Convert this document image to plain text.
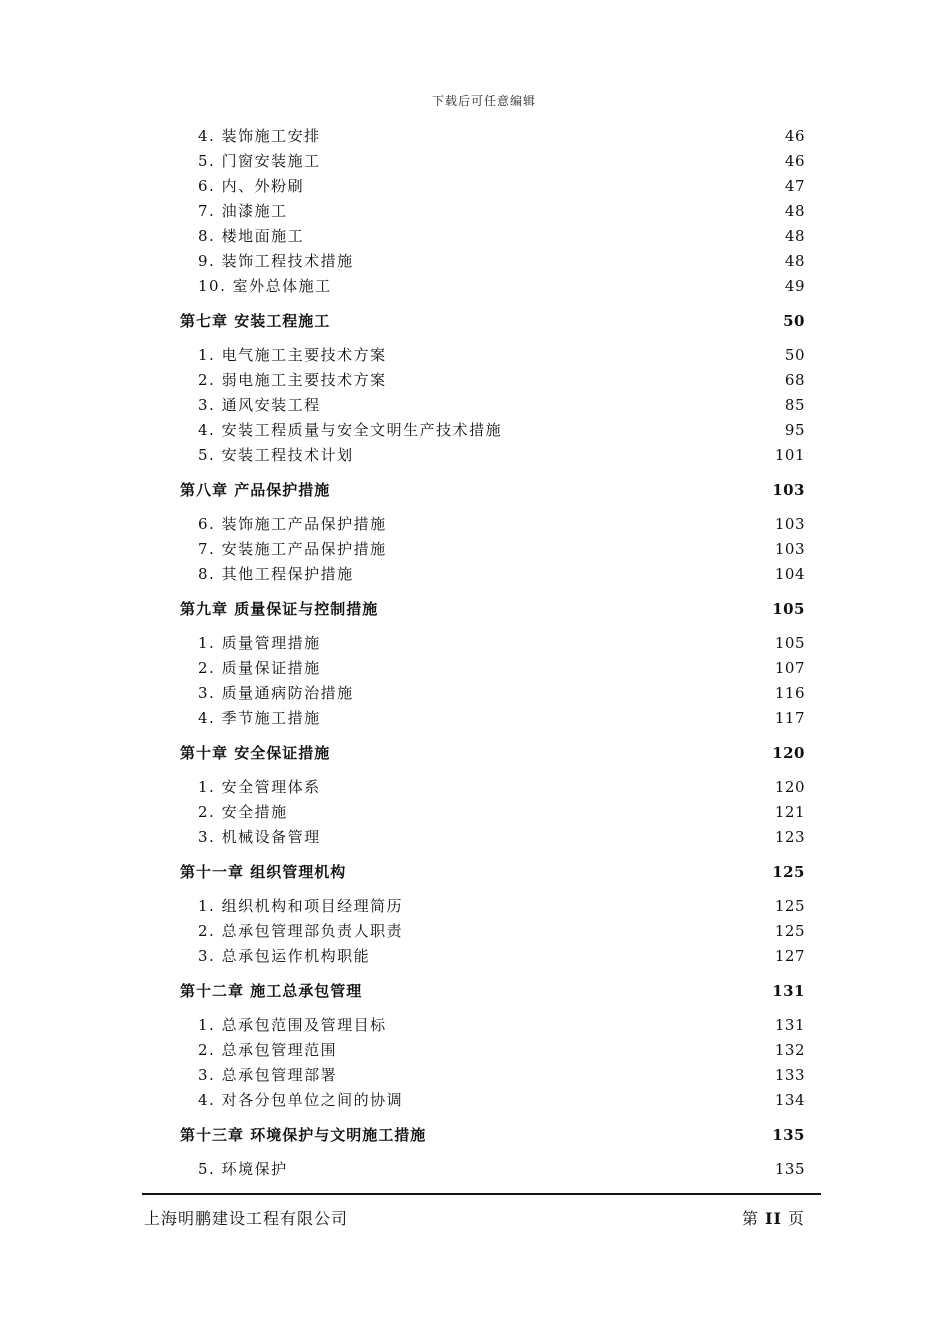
下载后可任意编辑
4. 装饰施工安排	46
5. 门窗安装施工	46
6. 内、外粉刷	47
7. 油漆施工	48
8. 楼地面施工	48
9. 装饰工程技术措施	48
10. 室外总体施工	49
第七章 安装工程施工	50
1. 电气施工主要技术方案	50
2. 弱电施工主要技术方案	68
3. 通风安装工程	85
4. 安装工程质量与安全文明生产技术措施	95
5. 安装工程技术计划	101
第八章 产品保护措施	103
6. 装饰施工产品保护措施	103
7. 安装施工产品保护措施	103
8. 其他工程保护措施	104
第九章 质量保证与控制措施	105
1. 质量管理措施	105
2. 质量保证措施	107
3. 质量通病防治措施	116
4. 季节施工措施	117
第十章 安全保证措施	120
1. 安全管理体系	120
2. 安全措施	121
3. 机械设备管理	123
第十一章 组织管理机构	125
1. 组织机构和项目经理简历	125
2. 总承包管理部负责人职责	125
3. 总承包运作机构职能	127
第十二章 施工总承包管理	131
1. 总承包范围及管理目标	131
2. 总承包管理范围	132
3. 总承包管理部署	133
4. 对各分包单位之间的协调	134
第十三章 环境保护与文明施工措施	135
5. 环境保护	135
上海明鹏建设工程有限公司	第 II 页
